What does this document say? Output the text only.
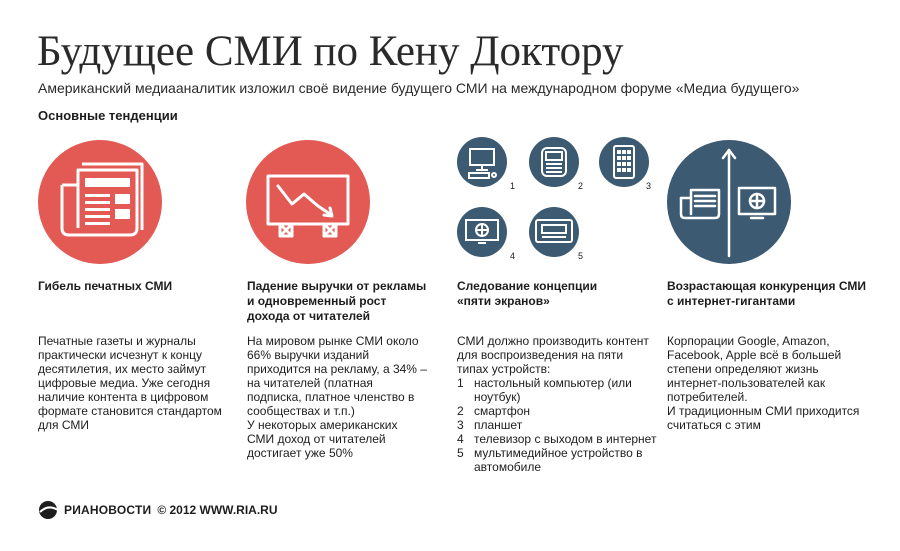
Будущее СМИ по Кену Доктору
Американский медиааналитик изложил своё видение будущего СМИ на международном форуме «Медиа будущего»
Основные тенденции
1	2	3
4	5
Гибель печатных СМИ	Падение выручки от рекламы и одновременный рост дохода от читателей
Следование концепции «пяти экранов»
Возрастающая конкуренция СМИ с интернет-гигантами

Печатные газеты и журналы практически исчезнут к концу десятилетия, их место займут цифровые медиа. Уже сегодня наличие контента в цифровом формате становится стандартом для СМИ

На мировом рынке СМИ около 66% выручки изданий приходится на рекламу, а 34% – на читателей (платная подписка, платное членство в сообществах и т.п.)

У некоторых американских СМИ доход от читателей достигает уже 50%

СМИ должно производить контент для воспроизведения на пяти типах устройств:

1 настольный компьютер (или ноутбук)
2 смартфон
3 планшет
4 телевизор с выходом в интернет
5 мультимедийное устройство в автомобиле

Корпорации Google, Amazon, Facebook, Apple всё в большей степени определяют жизнь интернет-пользователей как потребителей.

И традиционным СМИ приходится считаться с этим

РИАНОВОСТИ © 2012 WWW.RIA.RU
